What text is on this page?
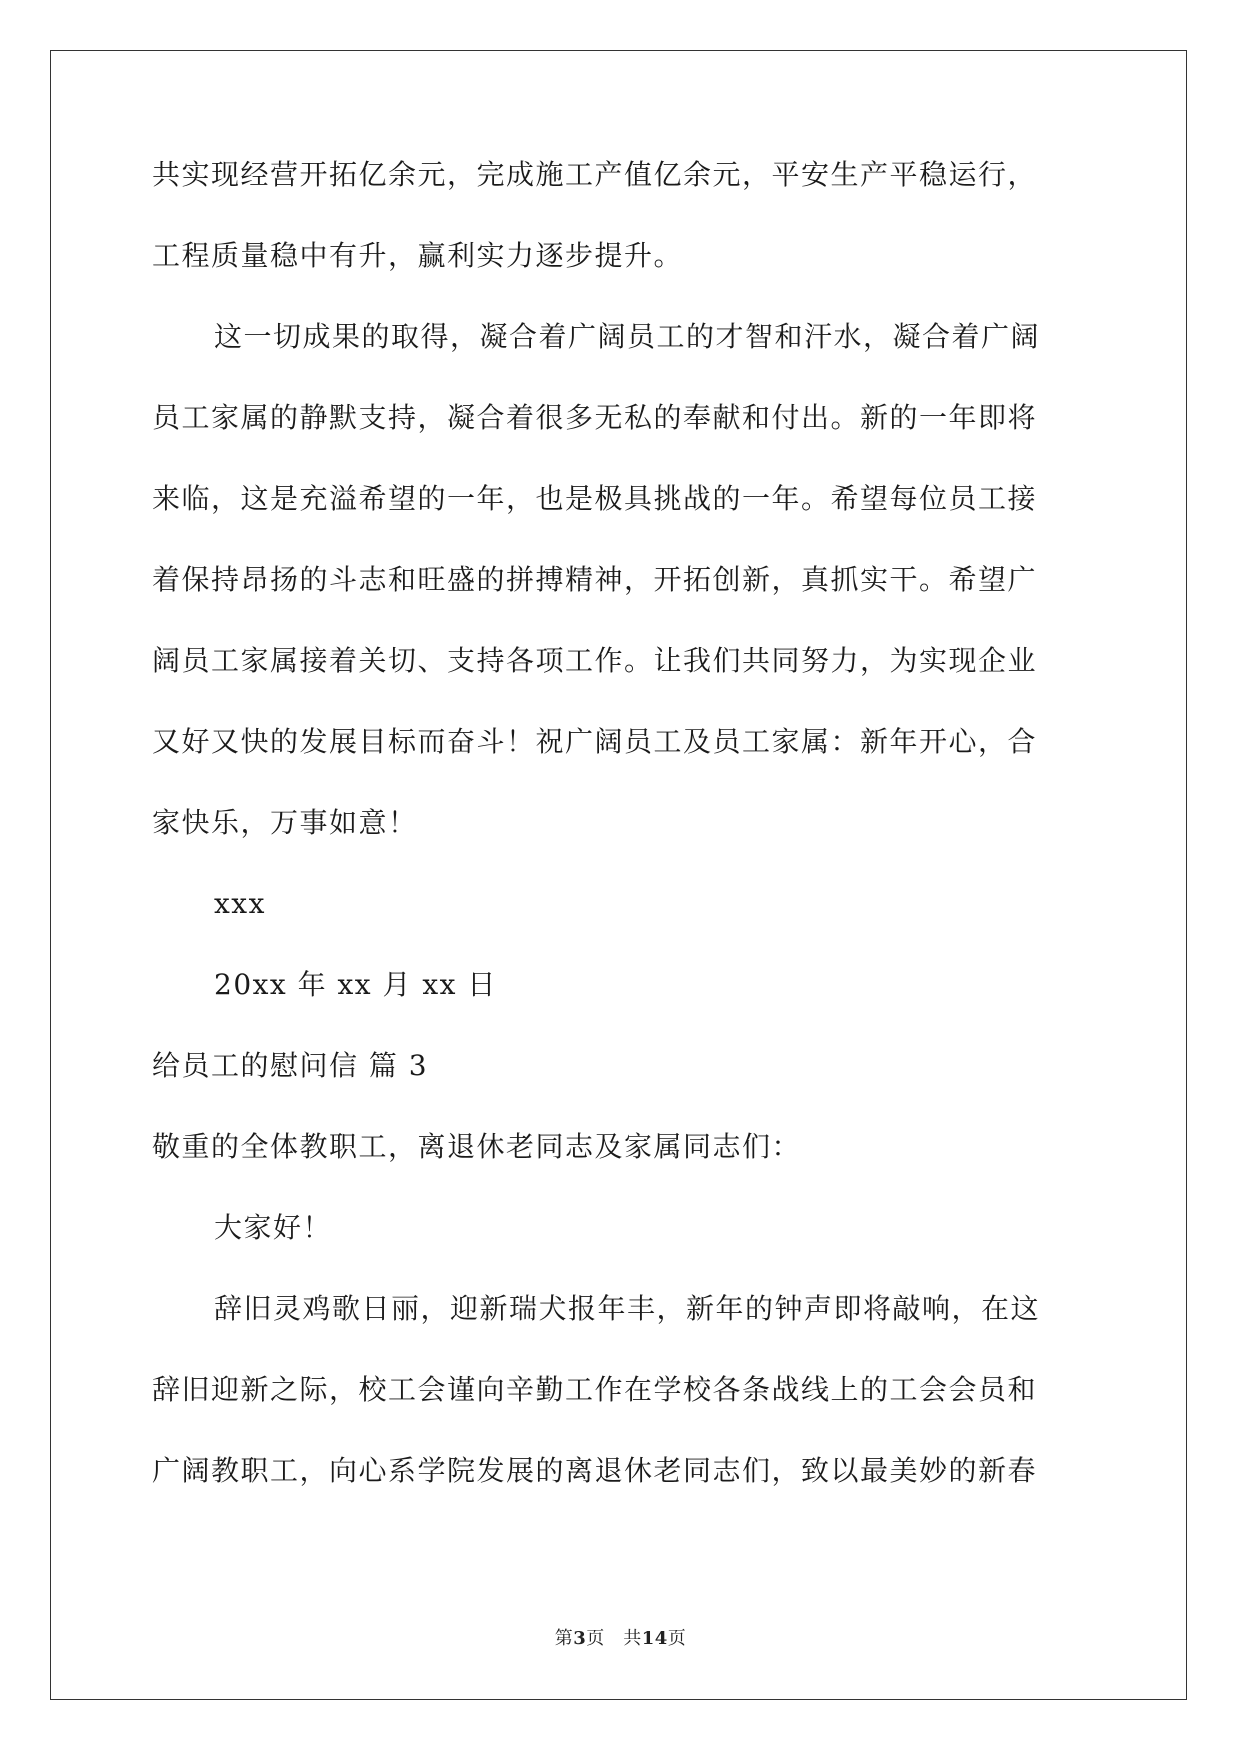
共实现经营开拓亿余元，完成施工产值亿余元，平安生产平稳运行，
工程质量稳中有升，赢利实力逐步提升。
这一切成果的取得，凝合着广阔员工的才智和汗水，凝合着广阔
员工家属的静默支持，凝合着很多无私的奉献和付出。新的一年即将
来临，这是充溢希望的一年，也是极具挑战的一年。希望每位员工接
着保持昂扬的斗志和旺盛的拼搏精神，开拓创新，真抓实干。希望广
阔员工家属接着关切、支持各项工作。让我们共同努力，为实现企业
又好又快的发展目标而奋斗！祝广阔员工及员工家属：新年开心，合
家快乐，万事如意！
xxx
20xx 年 xx 月 xx 日
给员工的慰问信 篇 3
敬重的全体教职工，离退休老同志及家属同志们：
大家好！
辞旧灵鸡歌日丽，迎新瑞犬报年丰，新年的钟声即将敲响，在这
辞旧迎新之际，校工会谨向辛勤工作在学校各条战线上的工会会员和
广阔教职工，向心系学院发展的离退休老同志们，致以最美妙的新春
第3页　共14页
